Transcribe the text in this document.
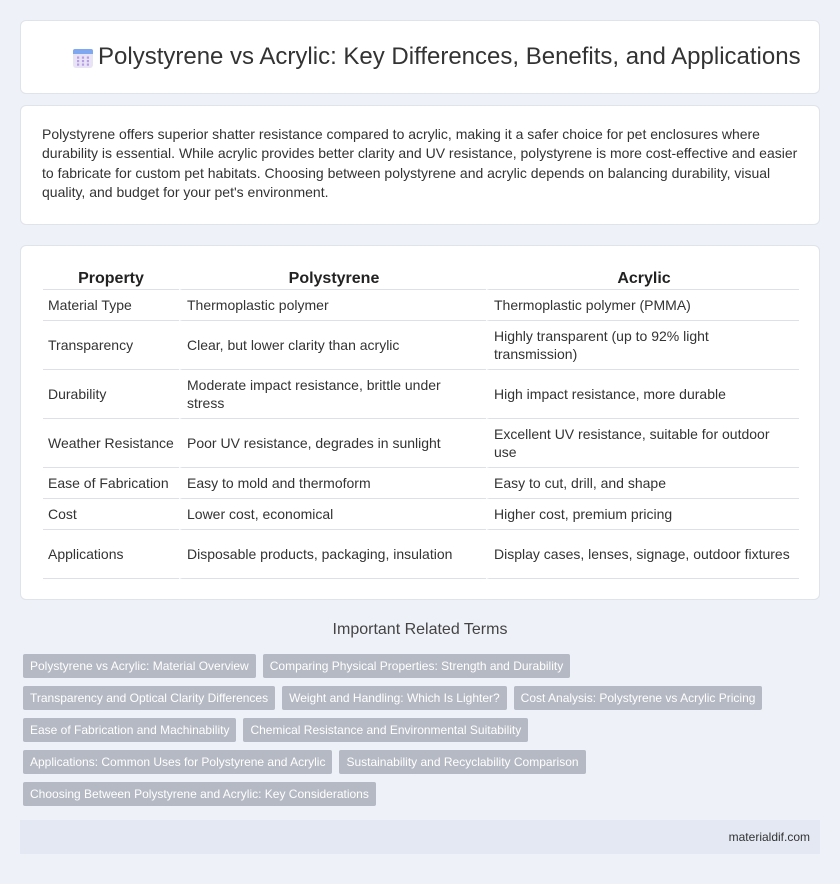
Polystyrene vs Acrylic: Key Differences, Benefits, and Applications

Polystyrene offers superior shatter resistance compared to acrylic, making it a safer choice for pet enclosures where durability is essential. While acrylic provides better clarity and UV resistance, polystyrene is more cost-effective and easier to fabricate for custom pet habitats. Choosing between polystyrene and acrylic depends on balancing durability, visual quality, and budget for your pet's environment.

Property	Polystyrene	Acrylic
Material Type	Thermoplastic polymer	Thermoplastic polymer (PMMA)
Transparency	Clear, but lower clarity than acrylic	Highly transparent (up to 92% light transmission)
Durability	Moderate impact resistance, brittle under stress	High impact resistance, more durable
Weather Resistance	Poor UV resistance, degrades in sunlight	Excellent UV resistance, suitable for outdoor use
Ease of Fabrication	Easy to mold and thermoform	Easy to cut, drill, and shape
Cost	Lower cost, economical	Higher cost, premium pricing
Applications	Disposable products, packaging, insulation	Display cases, lenses, signage, outdoor fixtures
Important Related Terms
Polystyrene vs Acrylic: Material Overview	Comparing Physical Properties: Strength and Durability
Transparency and Optical Clarity Differences	Weight and Handling: Which Is Lighter?	Cost Analysis: Polystyrene vs Acrylic Pricing
Ease of Fabrication and Machinability	Chemical Resistance and Environmental Suitability
Applications: Common Uses for Polystyrene and Acrylic	Sustainability and Recyclability Comparison
Choosing Between Polystyrene and Acrylic: Key Considerations
materialdif.com
